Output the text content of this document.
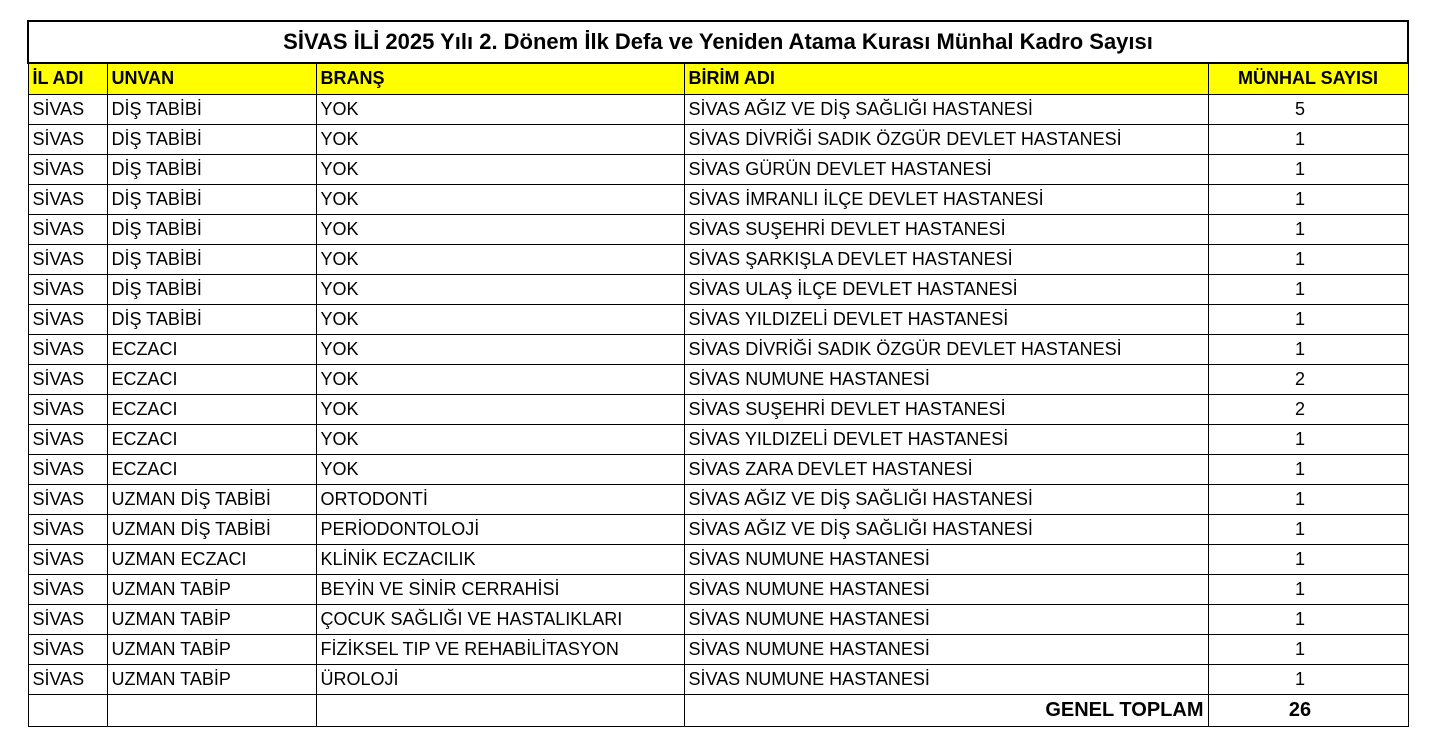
SİVAS İLİ 2025 Yılı 2. Dönem İlk Defa ve Yeniden Atama Kurası Münhal Kadro Sayısı				
İL ADI	UNVAN	BRANŞ	BİRİM ADI	MÜNHAL SAYISI
SİVAS	DİŞ TABİBİ	YOK	SİVAS AĞIZ VE DİŞ SAĞLIĞI HASTANESİ	5
SİVAS	DİŞ TABİBİ	YOK	SİVAS DİVRİĞİ SADIK ÖZGÜR DEVLET HASTANESİ	1
SİVAS	DİŞ TABİBİ	YOK	SİVAS GÜRÜN DEVLET HASTANESİ	1
SİVAS	DİŞ TABİBİ	YOK	SİVAS İMRANLI İLÇE DEVLET HASTANESİ	1
SİVAS	DİŞ TABİBİ	YOK	SİVAS SUŞEHRİ DEVLET HASTANESİ	1
SİVAS	DİŞ TABİBİ	YOK	SİVAS ŞARKIŞLA DEVLET HASTANESİ	1
SİVAS	DİŞ TABİBİ	YOK	SİVAS ULAŞ İLÇE DEVLET HASTANESİ	1
SİVAS	DİŞ TABİBİ	YOK	SİVAS YILDIZELİ DEVLET HASTANESİ	1
SİVAS	ECZACI	YOK	SİVAS DİVRİĞİ SADIK ÖZGÜR DEVLET HASTANESİ	1
SİVAS	ECZACI	YOK	SİVAS NUMUNE HASTANESİ	2
SİVAS	ECZACI	YOK	SİVAS SUŞEHRİ DEVLET HASTANESİ	2
SİVAS	ECZACI	YOK	SİVAS YILDIZELİ DEVLET HASTANESİ	1
SİVAS	ECZACI	YOK	SİVAS ZARA DEVLET HASTANESİ	1
SİVAS	UZMAN DİŞ TABİBİ	ORTODONTİ	SİVAS AĞIZ VE DİŞ SAĞLIĞI HASTANESİ	1
SİVAS	UZMAN DİŞ TABİBİ	PERİODONTOLOJİ	SİVAS AĞIZ VE DİŞ SAĞLIĞI HASTANESİ	1
SİVAS	UZMAN ECZACI	KLİNİK ECZACILIK	SİVAS NUMUNE HASTANESİ	1
SİVAS	UZMAN TABİP	BEYİN VE SİNİR CERRAHİSİ	SİVAS NUMUNE HASTANESİ	1
SİVAS	UZMAN TABİP	ÇOCUK SAĞLIĞI VE HASTALIKLARI	SİVAS NUMUNE HASTANESİ	1
SİVAS	UZMAN TABİP	FİZİKSEL TIP VE REHABİLİTASYON	SİVAS NUMUNE HASTANESİ	1
SİVAS	UZMAN TABİP	ÜROLOJİ	SİVAS NUMUNE HASTANESİ	1
			GENEL TOPLAM	26
